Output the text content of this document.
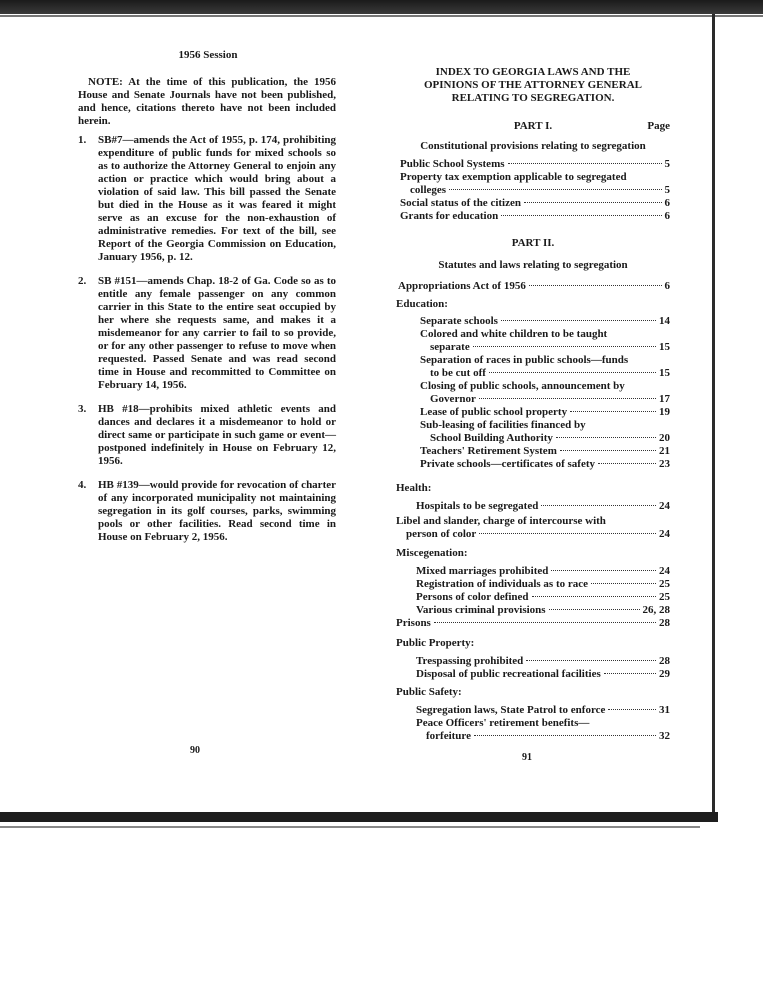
1956 Session
NOTE: At the time of this publication, the 1956 House and Senate Journals have not been published, and hence, citations thereto have not been included herein.
1. SB#7—amends the Act of 1955, p. 174, prohibiting expenditure of public funds for mixed schools so as to authorize the Attorney General to enjoin any action or practice which would bring about a violation of said law. This bill passed the Senate but died in the House as it was feared it might serve as an excuse for the non-exhaustion of administrative remedies. For text of the bill, see Report of the Georgia Commission on Education, January 1956, p. 12.
2. SB #151—amends Chap. 18-2 of Ga. Code so as to entitle any female passenger on any common carrier in this State to the entire seat occupied by her where she requests same, and makes it a misdemeanor for any carrier to fail to so provide, or for any other passenger to refuse to move when requested. Passed Senate and was read second time in House and recommitted to Committee on February 14, 1956.
3. HB #18—prohibits mixed athletic events and dances and declares it a misdemeanor to hold or direct same or participate in such game or event—postponed indefinitely in House on February 12, 1956.
4. HB #139—would provide for revocation of charter of any incorporated municipality not maintaining segregation in its golf courses, parks, swimming pools or other facilities. Read second time in House on February 2, 1956.
90
INDEX TO GEORGIA LAWS AND THE
OPINIONS OF THE ATTORNEY GENERAL
RELATING TO SEGREGATION.
PART I.	Page
Constitutional provisions relating to segregation
Public School Systems	5
Property tax exemption applicable to segregated
colleges	5
Social status of the citizen	6
Grants for education	6
PART II.
Statutes and laws relating to segregation
Appropriations Act of 1956	6
Education:
Separate schools	14
Colored and white children to be taught
separate	15
Separation of races in public schools—funds
to be cut off	15
Closing of public schools, announcement by
Governor	17
Lease of public school property	19
Sub-leasing of facilities financed by
School Building Authority	20
Teachers' Retirement System	21
Private schools—certificates of safety	23
Health:
Hospitals to be segregated	24
Libel and slander, charge of intercourse with
person of color	24
Miscegenation:
Mixed marriages prohibited	24
Registration of individuals as to race	25
Persons of color defined	25
Various criminal provisions	26, 28
Prisons	28
Public Property:
Trespassing prohibited	28
Disposal of public recreational facilities	29
Public Safety:
Segregation laws, State Patrol to enforce	31
Peace Officers' retirement benefits—
forfeiture	32
91
